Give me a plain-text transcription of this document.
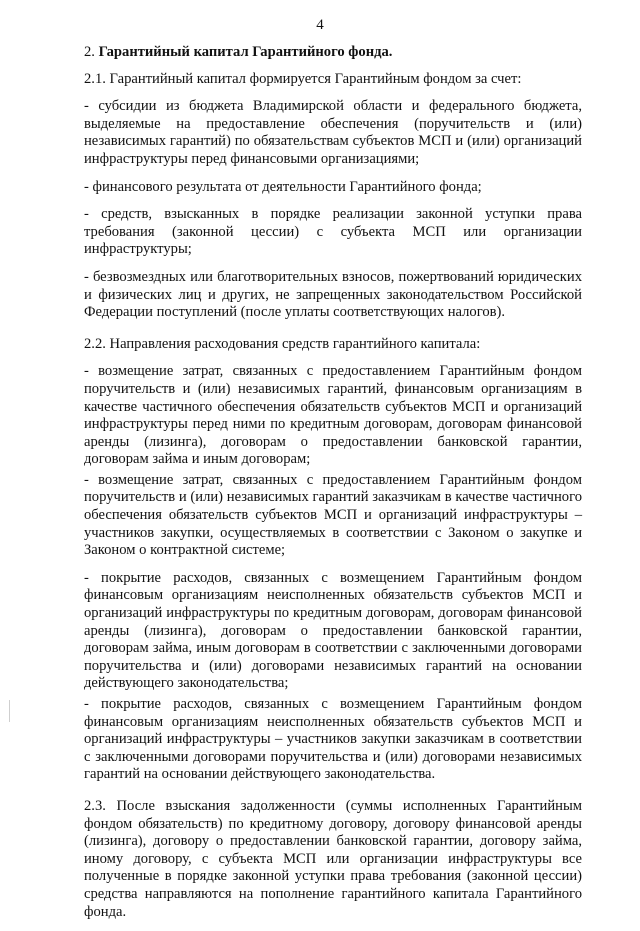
4

2. Гарантийный капитал Гарантийного фонда.

2.1. Гарантийный капитал формируется Гарантийным фондом за счет:

- субсидии из бюджета Владимирской области и федерального бюджета, выделяемые на предоставление обеспечения (поручительств и (или) независимых гарантий) по обязательствам субъектов МСП и (или) организаций инфраструктуры перед финансовыми организациями;

- финансового результата от деятельности Гарантийного фонда;

- средств, взысканных в порядке реализации законной уступки права требования (законной цессии) с субъекта МСП или организации инфраструктуры;

- безвозмездных или благотворительных взносов, пожертвований юридических и физических лиц и других, не запрещенных законодательством Российской Федерации поступлений (после уплаты соответствующих налогов).

2.2. Направления расходования средств гарантийного капитала:

- возмещение затрат, связанных с предоставлением Гарантийным фондом поручительств и (или) независимых гарантий, финансовым организациям в качестве частичного обеспечения обязательств субъектов МСП и организаций инфраструктуры перед ними по кредитным договорам, договорам финансовой аренды (лизинга), договорам о предоставлении банковской гарантии, договорам займа и иным договорам;

- возмещение затрат, связанных с предоставлением Гарантийным фондом поручительств и (или) независимых гарантий заказчикам в качестве частичного обеспечения обязательств субъектов МСП и организаций инфраструктуры – участников закупки, осуществляемых в соответствии с Законом о закупке и Законом о контрактной системе;

- покрытие расходов, связанных с возмещением Гарантийным фондом финансовым организациям неисполненных обязательств субъектов МСП и организаций инфраструктуры по кредитным договорам, договорам финансовой аренды (лизинга), договорам о предоставлении банковской гарантии, договорам займа, иным договорам в соответствии с заключенными договорами поручительства и (или) договорами независимых гарантий на основании действующего законодательства;

- покрытие расходов, связанных с возмещением Гарантийным фондом финансовым организациям неисполненных обязательств субъектов МСП и организаций инфраструктуры – участников закупки заказчикам в соответствии с заключенными договорами поручительства и (или) договорами независимых гарантий на основании действующего законодательства.

2.3. После взыскания задолженности (суммы исполненных Гарантийным фондом обязательств) по кредитному договору, договору финансовой аренды (лизинга), договору о предоставлении банковской гарантии, договору займа, иному договору, с субъекта МСП или организации инфраструктуры все полученные в порядке законной уступки права требования (законной цессии) средства направляются на пополнение гарантийного капитала Гарантийного фонда.
